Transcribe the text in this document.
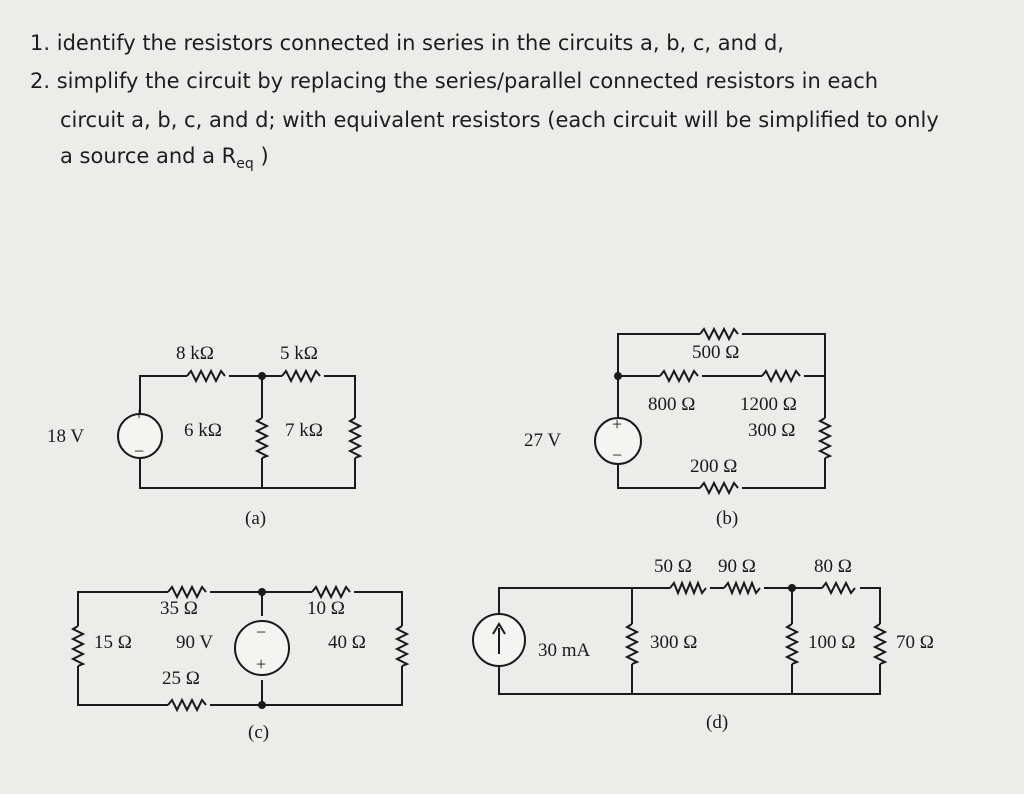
1. identify the resistors connected in series in the circuits a, b, c, and d,
2. simplify the circuit by replacing the series/parallel connected resistors in each
circuit a, b, c, and d; with equivalent resistors (each circuit will be simplified to only
a source and a $R_{eq}$ )
+
−
18 V
8 kΩ	5 kΩ
6 kΩ	7 kΩ
(a)
+
−
27 V
500 Ω
800 Ω 1200 Ω
300 Ω
200 Ω
(b)
−
+
90 V
35 Ω	10 Ω
15 Ω	40 Ω
25 Ω
(c)
30 mA
50 Ω 90 Ω	80 Ω
300 Ω	100 Ω 70 Ω
(d)
